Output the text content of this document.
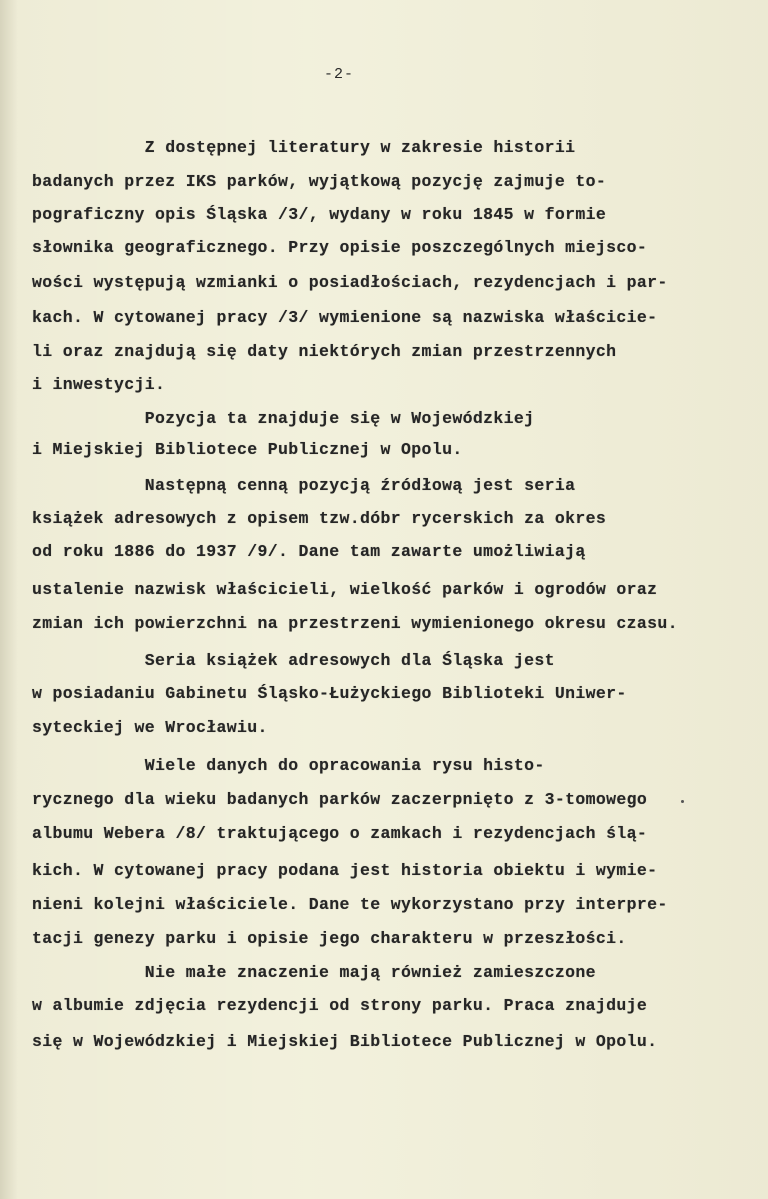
-2-
Z dostępnej literatury w zakresie historii
badanych przez IKS parków, wyjątkową pozycję zajmuje to-
pograficzny opis Śląska /3/, wydany w roku 1845 w formie
słownika geograficznego. Przy opisie poszczególnych miejsco-
wości występują wzmianki o posiadłościach, rezydencjach i par-
kach. W cytowanej pracy /3/ wymienione są nazwiska właściciе-
li oraz znajdują się daty niektórych zmian przestrzennych
i inwestycji.
Pozycja ta znajduje się w Wojewódzkiej
i Miejskiej Bibliotece Publicznej w Opolu.
Następną cenną pozycją źródłową jest seria
książek adresowych z opisem tzw.dóbr rycerskich za okres
od roku 1886 do 1937 /9/. Dane tam zawarte umożliwiają
ustalenie nazwisk właścicieli, wielkość parków i ogrodów oraz
zmian ich powierzchni na przestrzeni wymienionego okresu czasu.
Seria książek adresowych dla Śląska jest
w posiadaniu Gabinetu Śląsko-Łużyckiego Biblioteki Uniwer-
syteckiej we Wrocławiu.
Wiele danych do opracowania rysu histo-
rycznego dla wieku badanych parków zaczerpnięto z 3-tomowego
albumu Webera /8/ traktującego o zamkach i rezydencjach ślą-
kich. W cytowanej pracy podana jest historia obiektu i wymie-
nieni kolejni właściciele. Dane te wykorzystano przy interpre-
tacji genezy parku i opisie jego charakteru w przeszłości.
Nie małe znaczenie mają również zamieszczone
w albumie zdjęcia rezydencji od strony parku. Praca znajduje
się w Wojewódzkiej i Miejskiej Bibliotece Publicznej w Opolu.
